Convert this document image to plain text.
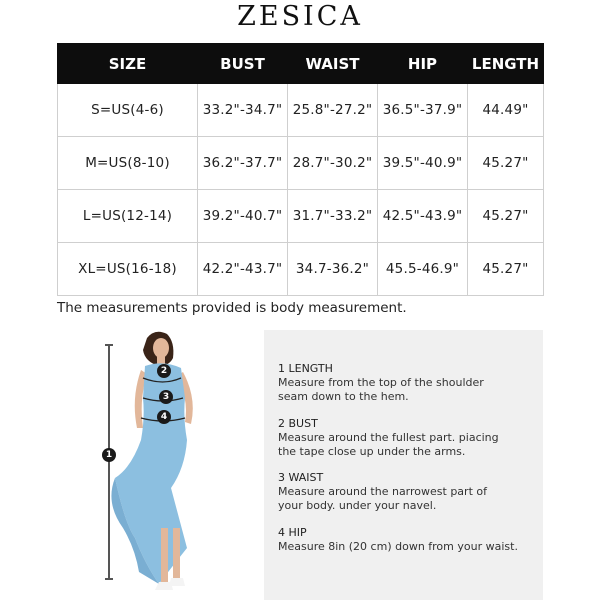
ZESICA
SIZE	BUST	WAIST	HIP	LENGTH
S=US(4-6)	33.2"-34.7"	25.8"-27.2"	36.5"-37.9"	44.49"
M=US(8-10)	36.2"-37.7"	28.7"-30.2"	39.5"-40.9"	45.27"
L=US(12-14)	39.2"-40.7"	31.7"-33.2"	42.5"-43.9"	45.27"
XL=US(16-18)	42.2"-43.7"	34.7-36.2"	45.5-46.9"	45.27"
The measurements provided is body measurement.
1
2
3
4
1 LENGTH
Measure from the top of the shoulder
seam down to the hem.
2 BUST
Measure around the fullest part. piacing
the tape close up under the arms.
3 WAIST
Measure around the narrowest part of
your body. under your navel.
4 HIP
Measure 8in (20 cm) down from your waist.
